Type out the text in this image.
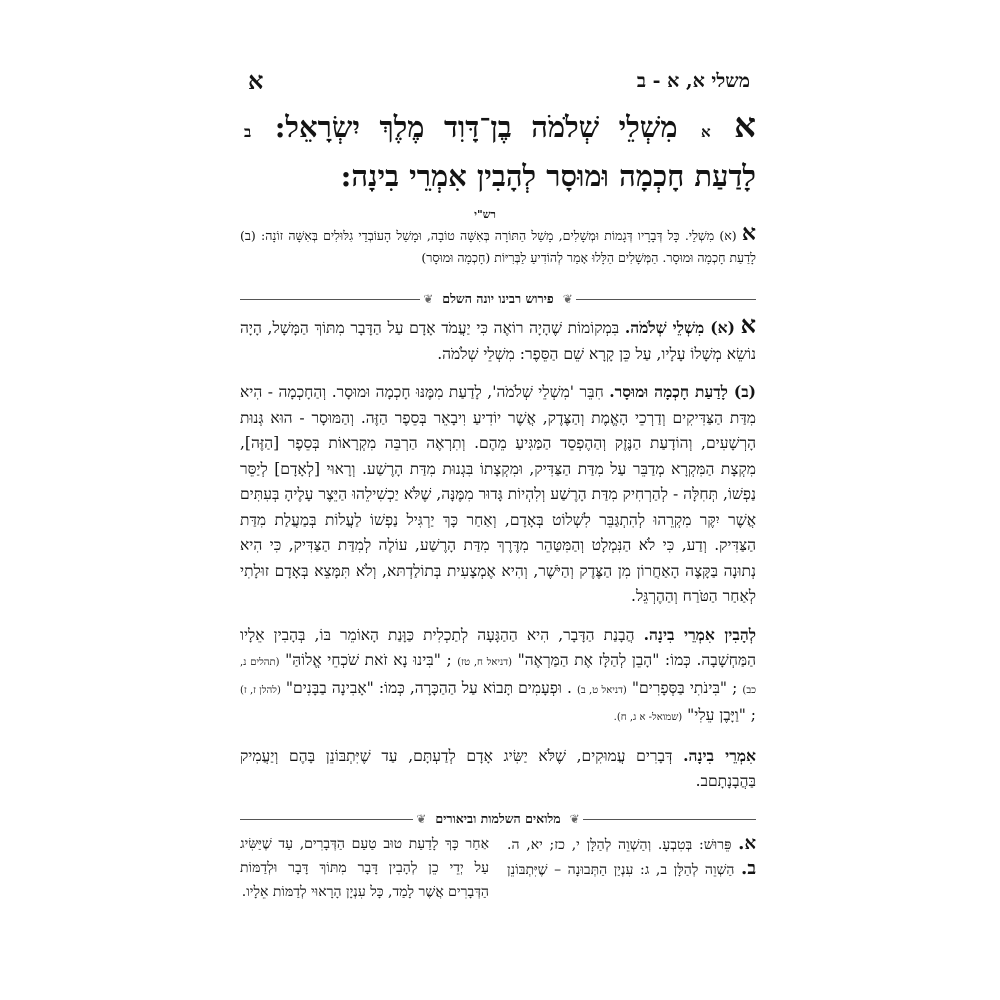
משלי א, א - ב
א
א א מִשְׁלֵי שְׁלֹמֹה בֶן־דָּוִד מֶלֶךְ יִשְׂרָאֵל: ב לָדַעַת חָכְמָה וּמוּסָר לְהָבִין אִמְרֵי בִינָה:
רש"י
א (א) מִשְׁלֵי. כָּל דְּבָרָיו דְּגָמוֹת וּמְשָׁלִים, מָשַׁל הַתּוֹרָה בְּאִשָּׁה טוֹבָה, וּמָשַׁל הָעוֹבְדֵי גִלּוּלִים בְּאִשָּׁה זוֹנָה: (ב) לָדַעַת חָכְמָה וּמוּסָר. הַמְּשָׁלִים הַלָּלוּ אָמַר לְהוֹדִיעַ לַבְּרִיּוֹת (חָכְמָה וּמוּסָר)
❦
פירוש רבינו יונה השלם
❦

א (א) מִשְׁלֵי שְׁלֹמֹה. בִּמְקוֹמוֹת שֶׁהָיָה רוֹאֶה כִּי יַעֲמֹד אָדָם עַל הַדָּבָר מִתּוֹךְ הַמָּשָׁל, הָיָה נוֹשֵׂא מְשָׁלוֹ עָלָיו, עַל כֵּן קָרָא שֵׁם הַסֵּפֶר: מִשְׁלֵי שְׁלֹמֹה.

(ב) לָדַעַת חָכְמָה וּמוּסָר. חִבֵּר 'מִשְׁלֵי שְׁלֹמֹה', לָדַעַת מִמֶּנּוּ חָכְמָה וּמוּסָר. וְהַחָכְמָה - הִיא מִדַּת הַצַּדִּיקִים וְדַרְכֵי הָאֱמֶת וְהַצֶּדֶק, אֲשֶׁר יוֹדִיעַ וִיבָאֵר בְּסֵפֶר הַזֶּה. וְהַמּוּסָר - הוּא גְּנוּת הָרְשָׁעִים, וְהוֹדָעַת הַנֶּזֶק וְהַהֶפְסֵד הַמַּגִּיעַ מֵהֶם. וְתִרְאֶה הַרְבֵּה מִקְרָאוֹת בְּסֵפֶר [הַזֶּה], מִקְצָת הַמִּקְרָא מְדַבֵּר עַל מִדַּת הַצַּדִּיק, וּמִקְצָתוֹ בִּגְנוּת מִדַּת הָרֶשַׁע. וְרָאוּי [לְאָדָם] לְיַסֵּר נַפְשׁוֹ, תְּחִלָּה - לְהַרְחִיק מִדַּת הָרֶשַׁע וְלִהְיוֹת גָּדוּר מִמֶּנָּה, שֶׁלֹּא יַכְשִׁילֵהוּ הַיֵּצֶר עָלֶיהָ בְּעִתִּים אֲשֶׁר יִקֶּר מִקְרֵהוּ לְהִתְגַּבֵּר לִשְׁלוֹט בְּאָדָם, וְאַחַר כָּךְ יַרְגִּיל נַפְשׁוֹ לַעֲלוֹת בְּמַעֲלַת מִדַּת הַצַּדִּיק. וְדַע, כִּי לֹא הַנִּמְלָט וְהַמִּטַּהֵר מִדֶּרֶךְ מִדַּת הָרֶשַׁע, עוֹלֶה לְמִדַּת הַצַּדִּיק, כִּי הִיא נְתוּנָה בַּקָּצֶה הָאַחֲרוֹן מִן הַצֶּדֶק וְהַיֹּשֶׁר, וְהִיא אֶמְצָעִית בְּתוֹלַדְתּא, וְלֹא תִּמָּצֵא בְּאָדָם זוּלָתִי לְאַחַר הַטֹּרַח וְהַהֶרְגֵּל.

לְהָבִין אִמְרֵי בִינָה. הֲבָנַת הַדָּבָר, הִיא הַהַגָּעָה לְתַכְלִית כַּוָּנַת הָאוֹמֵר בּוֹ, בְּהָבִין אֵלָיו הַמַּחְשָׁבָה. כְּמוֹ: "הָבֵן לְהַלָּז אֶת הַמַּרְאֶה" (דניאל ח, טז) ; "בִּינוּ נָא זֹאת שֹׁכְחֵי אֱלוֹהַּ" (תהלים נ, כב) ; "בִּינֹתִי בַּסְּפָרִים" (דניאל ט, ב) . וּפְעָמִים תָּבוֹא עַל הַהַכָּרָה, כְּמוֹ: "אָבִינָה בַבָּנִים" (להלן ז, ז) ; "וַיָּבֶן עֵלִי" (שמואל- א ג, ח).

אִמְרֵי בִינָה. דְּבָרִים עֲמוּקִים, שֶׁלֹּא יַשִּׂיג אָדָם לְדַעְתָּם, עַד שֶׁיִּתְבּוֹנֵן בָּהֶם וְיַעֲמִיק בַּהֲבָנָתָםב.

❦
מלואים השלמות וביאורים
❦
א. פֵּרוּשׁ: בְּטִבְעָ. וְהַשְׁוֵה לְהַלָּן י, כז; יא, ה. ב. הַשְׁוֵה לְהַלָּן ב, ג: עִנְיַן הַתְּבוּנָה – שֶׁיִּתְבּוֹנֵן אַחַר כָּךְ לָדַעַת טוּב טַעַם הַדְּבָרִים, עַד שֶׁיַּשִּׂיג עַל יְדֵי כֵן לְהָבִין דָּבָר מִתּוֹךְ דָּבָר וּלְדַמּוֹת הַדְּבָרִים אֲשֶׁר לָמַד, כָּל עִנְיָן הָרָאוּי לְדַמּוֹת אֵלָיו.
